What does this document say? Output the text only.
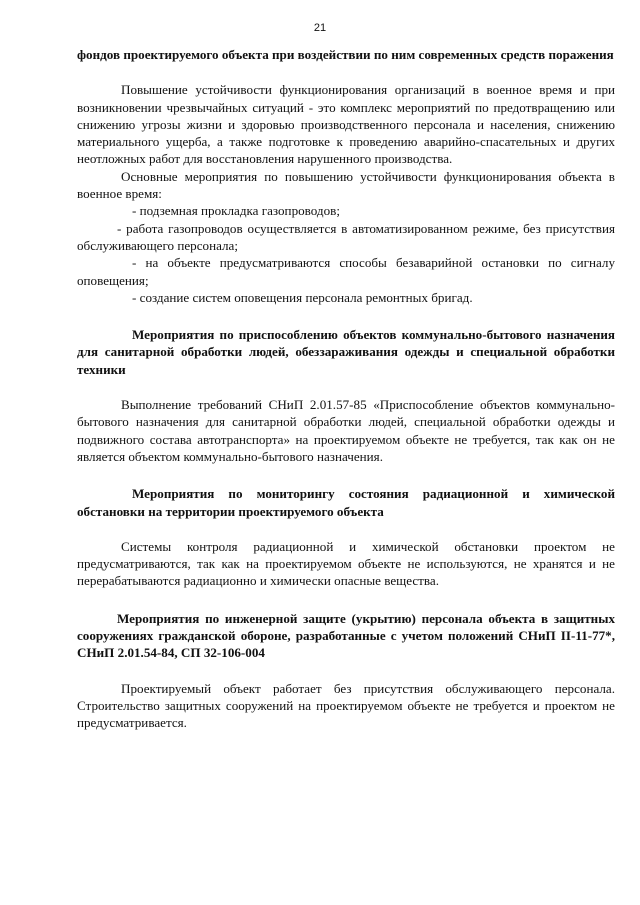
21

фондов проектируемого объекта при воздействии по ним современных средств поражения

Повышение устойчивости функционирования организаций в военное время и при возникновении чрезвычайных ситуаций - это комплекс мероприятий по предотвращению или снижению угрозы жизни и здоровью производственного персонала и населения, снижению материального ущерба, а также подготовке к проведению аварийно-спасательных и других неотложных работ для восстановления нарушенного производства.

Основные мероприятия по повышению устойчивости функционирования объекта в военное время:

- подземная прокладка газопроводов;

- работа газопроводов осуществляется в автоматизированном режиме, без присутствия обслуживающего персонала;

- на объекте предусматриваются способы безаварийной остановки по сигналу оповещения;

- создание систем оповещения персонала ремонтных бригад.

Мероприятия по приспособлению объектов коммунально-бытового назначения для санитарной обработки людей, обеззараживания одежды и специальной обработки техники

Выполнение требований СНиП 2.01.57-85 «Приспособление объектов коммунально-бытового назначения для санитарной обработки людей, специальной обработки одежды и подвижного состава автотранспорта» на проектируемом объекте не требуется, так как он не является объектом коммунально-бытового назначения.

Мероприятия по мониторингу состояния радиационной и химической обстановки на территории проектируемого объекта

Системы контроля радиационной и химической обстановки проектом не предусматриваются, так как на проектируемом объекте не используются, не хранятся и не перерабатываются радиационно и химически опасные вещества.

Мероприятия по инженерной защите (укрытию) персонала объекта в защитных сооружениях гражданской обороне, разработанные с учетом положений СНиП II-11-77*, СНиП 2.01.54-84, СП 32-106-004

Проектируемый объект работает без присутствия обслуживающего персонала. Строительство защитных сооружений на проектируемом объекте не требуется и проектом не предусматривается.
